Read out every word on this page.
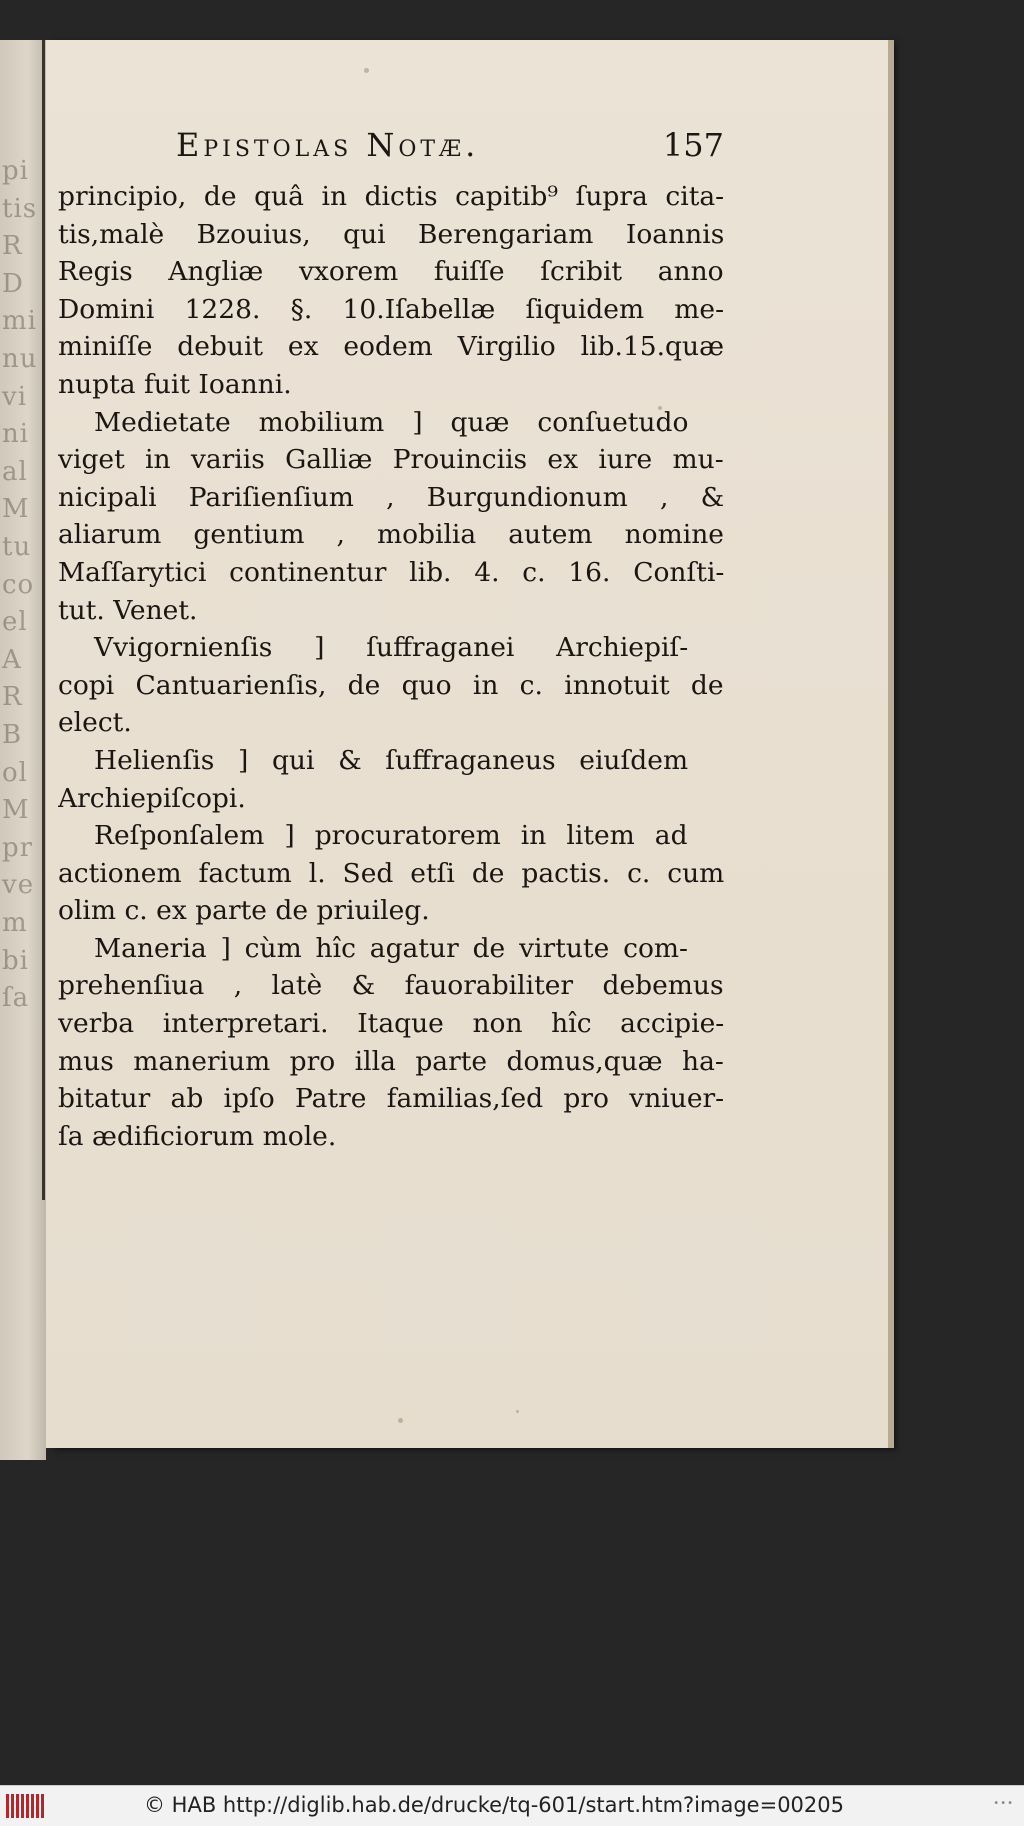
pi
tis
R
D
mi
nu
vi
ni
al
M
tu
co
el
A
R
B
ol
M
pr
ve
m
bi
ſa
Epistolas Notæ.	157
principio, de quâ in dictis capitib⁹ ſupra cita-
tis,malè Bzouius, qui Berengariam Ioannis
Regis Angliæ vxorem fuiſſe ſcribit anno
Domini 1228. §. 10.Iſabellæ ſiquidem me-
miniſſe debuit ex eodem Virgilio lib.15.quæ
nupta fuit Ioanni.
Medietate mobilium ] quæ conſuetudo
viget in variis Galliæ Prouinciis ex iure mu-
nicipali Pariſienſium , Burgundionum , &
aliarum gentium , mobilia autem nomine
Maſſarytici continentur lib. 4. c. 16. Conſti-
tut. Venet.
Vvigornienſis ] ſuffraganei Archiepiſ-
copi Cantuarienſis, de quo in c. innotuit de
elect.
Helienſis ] qui & ſuffraganeus eiuſdem
Archiepiſcopi.
Reſponſalem ] procuratorem in litem ad
actionem factum l. Sed etſi de pactis. c. cum
olim c. ex parte de priuileg.
Maneria ] cùm hîc agatur de virtute com-
prehenſiua , latè & fauorabiliter debemus
verba interpretari. Itaque non hîc accipie-
mus manerium pro illa parte domus,quæ ha-
bitatur ab ipſo Patre familias,ſed pro vniuer-
ſa ædificiorum mole.
© HAB http://diglib.hab.de/drucke/tq-601/start.htm?image=00205	•••
